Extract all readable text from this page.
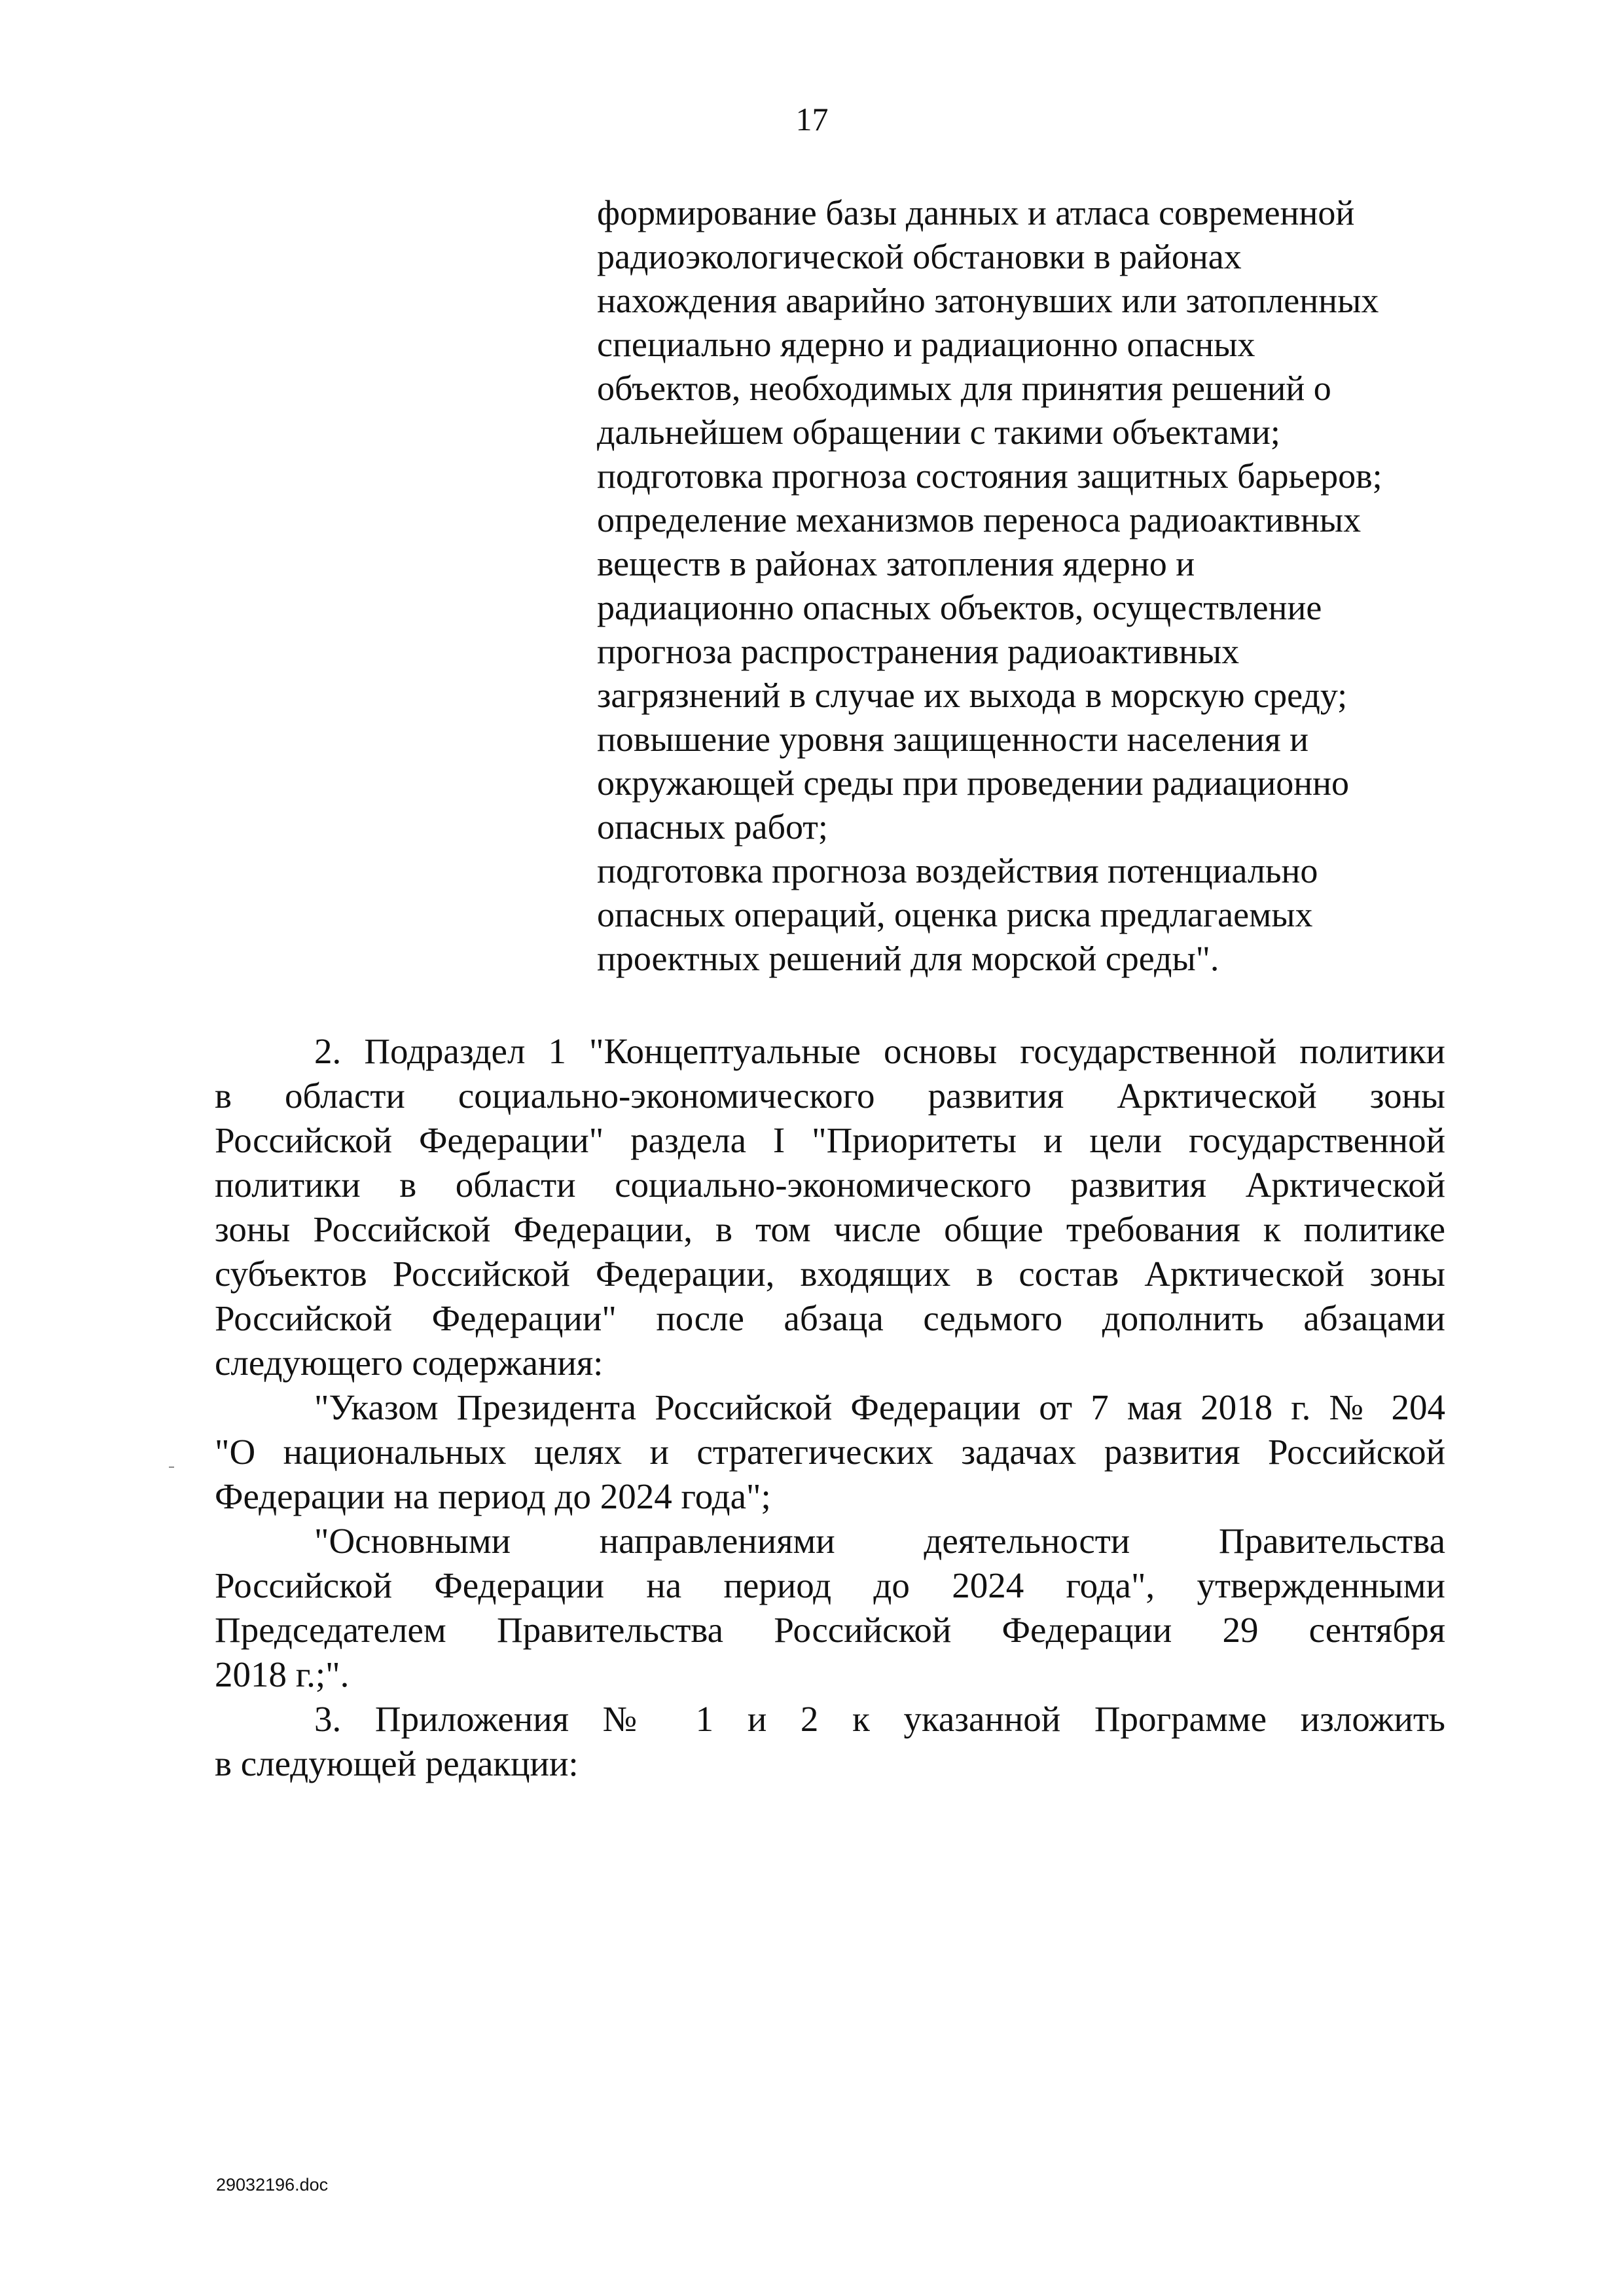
17
формирование базы данных и атласа современной
радиоэкологической обстановки в районах
нахождения аварийно затонувших или затопленных
специально ядерно и радиационно опасных
объектов, необходимых для принятия решений о
дальнейшем обращении с такими объектами;
подготовка прогноза состояния защитных барьеров;
определение механизмов переноса радиоактивных
веществ в районах затопления ядерно и
радиационно опасных объектов, осуществление
прогноза распространения радиоактивных
загрязнений в случае их выхода в морскую среду;
повышение уровня защищенности населения и
окружающей среды при проведении радиационно
опасных работ;
подготовка прогноза воздействия потенциально
опасных операций, оценка риска предлагаемых
проектных решений для морской среды".
2. Подраздел 1 "Концептуальные основы государственной политики
в области социально-экономического развития Арктической зоны
Российской Федерации" раздела I "Приоритеты и цели государственной
политики в области социально-экономического развития Арктической
зоны Российской Федерации, в том числе общие требования к политике
субъектов Российской Федерации, входящих в состав Арктической зоны
Российской Федерации" после абзаца седьмого дополнить абзацами
следующего содержания:
"Указом Президента Российской Федерации от 7 мая 2018 г. № 204
"О национальных целях и стратегических задачах развития Российской
Федерации на период до 2024 года";
"Основными направлениями деятельности Правительства
Российской Федерации на период до 2024 года", утвержденными
Председателем Правительства Российской Федерации 29 сентября
2018 г.;".
3. Приложения № 1 и 2 к указанной Программе изложить
в следующей редакции:
29032196.doc
